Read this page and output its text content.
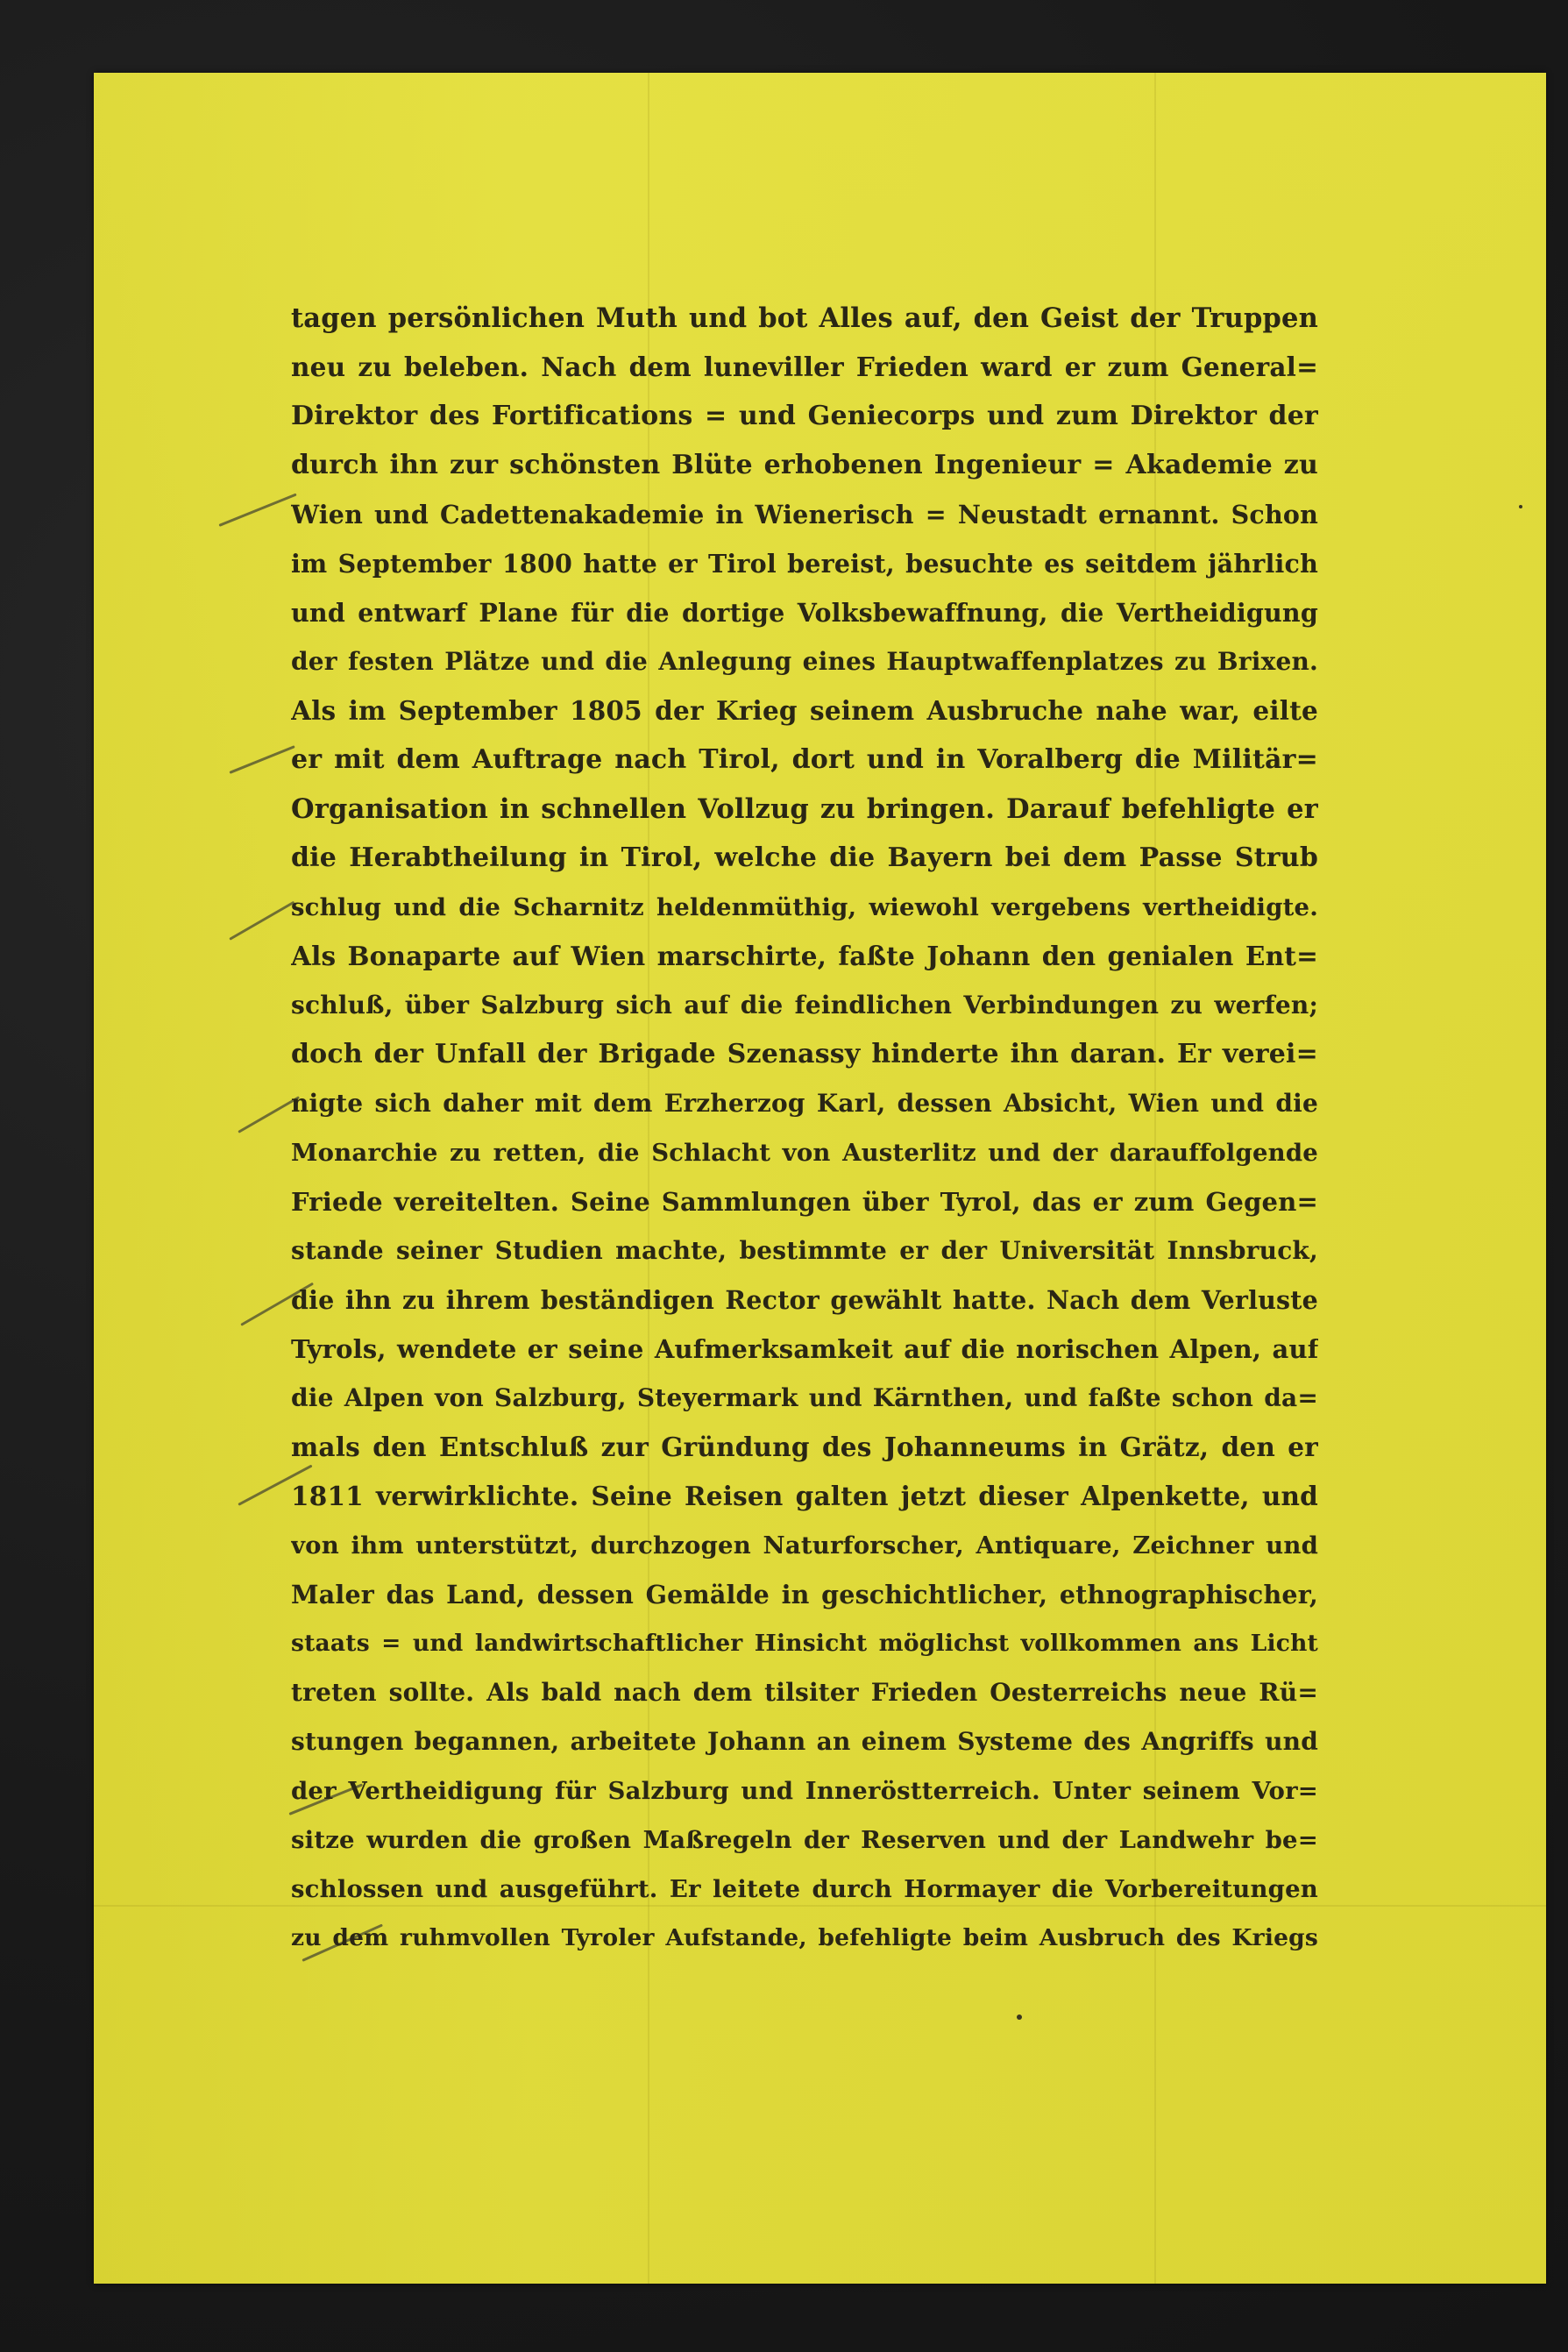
tagen persönlichen Muth und bot Alles auf, den Geist der Truppen
neu zu beleben. Nach dem luneviller Frieden ward er zum General=
Direktor des Fortifications = und Geniecorps und zum Direktor der
durch ihn zur schönsten Blüte erhobenen Ingenieur = Akademie zu
Wien und Cadettenakademie in Wienerisch = Neustadt ernannt. Schon
im September 1800 hatte er Tirol bereist, besuchte es seitdem jährlich
und entwarf Plane für die dortige Volksbewaffnung, die Vertheidigung
der festen Plätze und die Anlegung eines Hauptwaffenplatzes zu Brixen.
Als im September 1805 der Krieg seinem Ausbruche nahe war, eilte
er mit dem Auftrage nach Tirol, dort und in Voralberg die Militär=
Organisation in schnellen Vollzug zu bringen. Darauf befehligte er
die Herabtheilung in Tirol, welche die Bayern bei dem Passe Strub
schlug und die Scharnitz heldenmüthig, wiewohl vergebens vertheidigte.
Als Bonaparte auf Wien marschirte, faßte Johann den genialen Ent=
schluß, über Salzburg sich auf die feindlichen Verbindungen zu werfen;
doch der Unfall der Brigade Szenassy hinderte ihn daran. Er verei=
nigte sich daher mit dem Erzherzog Karl, dessen Absicht, Wien und die
Monarchie zu retten, die Schlacht von Austerlitz und der darauffolgende
Friede vereitelten. Seine Sammlungen über Tyrol, das er zum Gegen=
stande seiner Studien machte, bestimmte er der Universität Innsbruck,
die ihn zu ihrem beständigen Rector gewählt hatte. Nach dem Verluste
Tyrols, wendete er seine Aufmerksamkeit auf die norischen Alpen, auf
die Alpen von Salzburg, Steyermark und Kärnthen, und faßte schon da=
mals den Entschluß zur Gründung des Johanneums in Grätz, den er
1811 verwirklichte. Seine Reisen galten jetzt dieser Alpenkette, und
von ihm unterstützt, durchzogen Naturforscher, Antiquare, Zeichner und
Maler das Land, dessen Gemälde in geschichtlicher, ethnographischer,
staats = und landwirtschaftlicher Hinsicht möglichst vollkommen ans Licht
treten sollte. Als bald nach dem tilsiter Frieden Oesterreichs neue Rü=
stungen begannen, arbeitete Johann an einem Systeme des Angriffs und
der Vertheidigung für Salzburg und Inneröstterreich. Unter seinem Vor=
sitze wurden die großen Maßregeln der Reserven und der Landwehr be=
schlossen und ausgeführt. Er leitete durch Hormayer die Vorbereitungen
zu dem ruhmvollen Tyroler Aufstande, befehligte beim Ausbruch des Kriegs
